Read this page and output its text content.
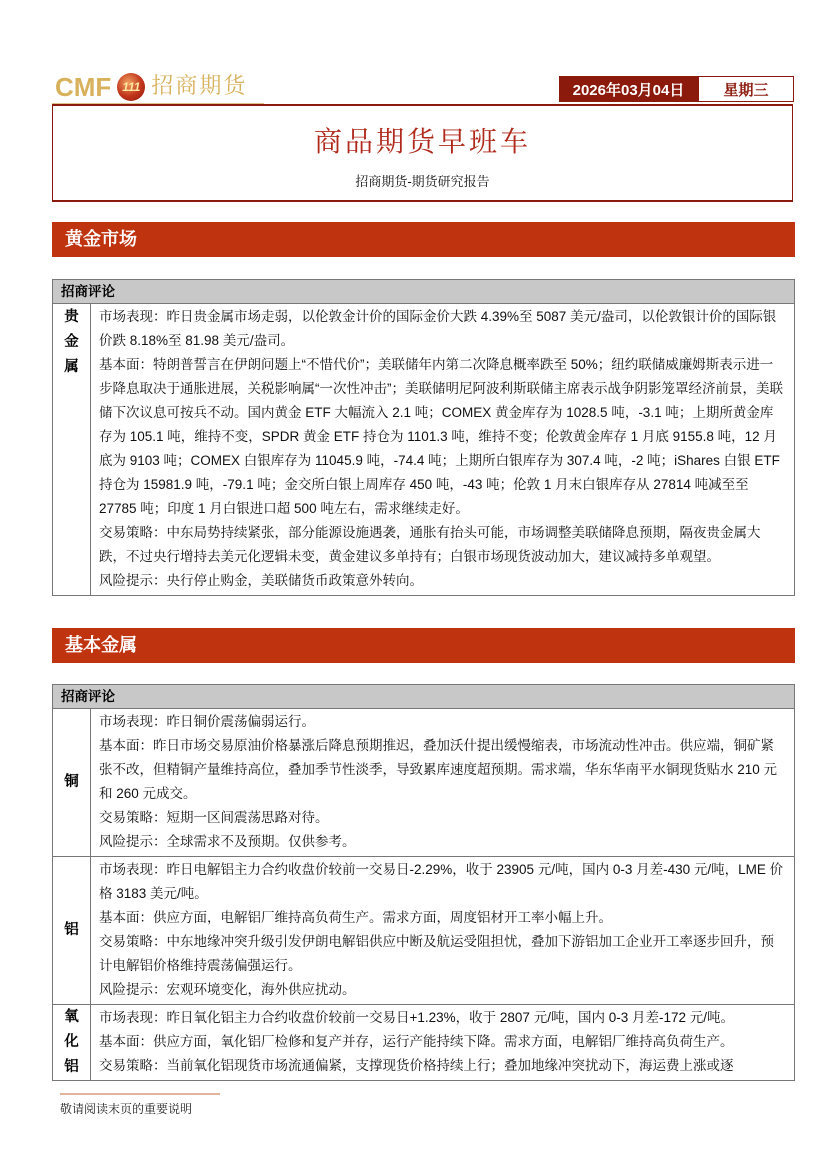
CMF 111 招商期货	2026年03月04日	星期三
商品期货早班车
招商期货-期货研究报告
黄金市场
招商评论
贵
金
属

市场表现：昨日贵金属市场走弱，以伦敦金计价的国际金价大跌 4.39%至 5087 美元/盎司，以伦敦银计价的国际银价跌 8.18%至 81.98 美元/盎司。

基本面：特朗普誓言在伊朗问题上“不惜代价”；美联储年内第二次降息概率跌至 50%；纽约联储威廉姆斯表示进一步降息取决于通胀进展，关税影响属“一次性冲击”；美联储明尼阿波利斯联储主席表示战争阴影笼罩经济前景，美联储下次议息可按兵不动。国内黄金 ETF 大幅流入 2.1 吨；COMEX 黄金库存为 1028.5 吨，-3.1 吨；上期所黄金库存为 105.1 吨，维持不变，SPDR 黄金 ETF 持仓为 1101.3 吨，维持不变；伦敦黄金库存 1 月底 9155.8 吨，12 月底为 9103 吨；COMEX 白银库存为 11045.9 吨，-74.4 吨；上期所白银库存为 307.4 吨，-2 吨；iShares 白银 ETF 持仓为 15981.9 吨，-79.1 吨；金交所白银上周库存 450 吨，-43 吨；伦敦 1 月末白银库存从 27814 吨减至至 27785 吨；印度 1 月白银进口超 500 吨左右，需求继续走好。

交易策略：中东局势持续紧张，部分能源设施遇袭，通胀有抬头可能，市场调整美联储降息预期，隔夜贵金属大跌，不过央行增持去美元化逻辑未变，黄金建议多单持有；白银市场现货波动加大，建议减持多单观望。

风险提示：央行停止购金，美联储货币政策意外转向。

基本金属
招商评论
铜

市场表现：昨日铜价震荡偏弱运行。

基本面：昨日市场交易原油价格暴涨后降息预期推迟，叠加沃什提出缓慢缩表，市场流动性冲击。供应端，铜矿紧张不改，但精铜产量维持高位，叠加季节性淡季，导致累库速度超预期。需求端，华东华南平水铜现货贴水 210 元和 260 元成交。

交易策略：短期一区间震荡思路对待。

风险提示：全球需求不及预期。仅供参考。

铝

市场表现：昨日电解铝主力合约收盘价较前一交易日-2.29%，收于 23905 元/吨，国内 0-3 月差-430 元/吨，LME 价格 3183 美元/吨。

基本面：供应方面，电解铝厂维持高负荷生产。需求方面，周度铝材开工率小幅上升。

交易策略：中东地缘冲突升级引发伊朗电解铝供应中断及航运受阻担忧，叠加下游铝加工企业开工率逐步回升，预计电解铝价格维持震荡偏强运行。

风险提示：宏观环境变化，海外供应扰动。

氧
化
铝

市场表现：昨日氧化铝主力合约收盘价较前一交易日+1.23%，收于 2807 元/吨，国内 0-3 月差-172 元/吨。

基本面：供应方面，氧化铝厂检修和复产并存，运行产能持续下降。需求方面，电解铝厂维持高负荷生产。

交易策略：当前氧化铝现货市场流通偏紧，支撑现货价格持续上行；叠加地缘冲突扰动下，海运费上涨或逐

敬请阅读末页的重要说明
